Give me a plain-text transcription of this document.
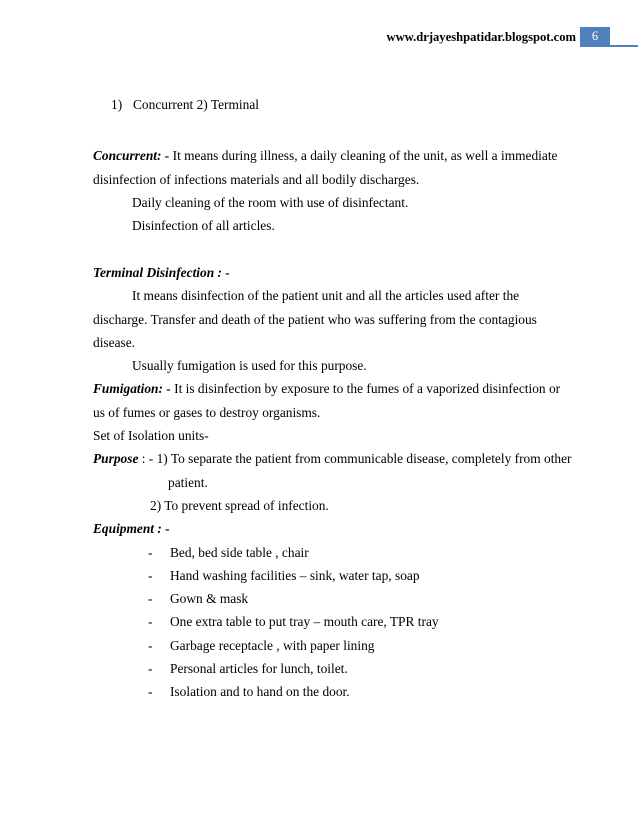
www.drjayeshpatidar.blogspot.com	6
1) Concurrent 2) Terminal
Concurrent: - It means during illness, a daily cleaning of the unit, as well a immediate
disinfection of infections materials and all bodily discharges.
Daily cleaning of the room with use of disinfectant.
Disinfection of all articles.
Terminal Disinfection : -
It means disinfection of the patient unit and all the articles used after the
discharge. Transfer and death of the patient who was suffering from the contagious
disease.
Usually fumigation is used for this purpose.
Fumigation: - It is disinfection by exposure to the fumes of a vaporized disinfection or
us of fumes or gases to destroy organisms.
Set of Isolation units-
Purpose : - 1) To separate the patient from communicable disease, completely from other
patient.
2) To prevent spread of infection.
Equipment : -
- Bed, bed side table , chair
- Hand washing facilities – sink, water tap, soap
- Gown & mask
- One extra table to put tray – mouth care, TPR tray
- Garbage receptacle , with paper lining
- Personal articles for lunch, toilet.
- Isolation and to hand on the door.
